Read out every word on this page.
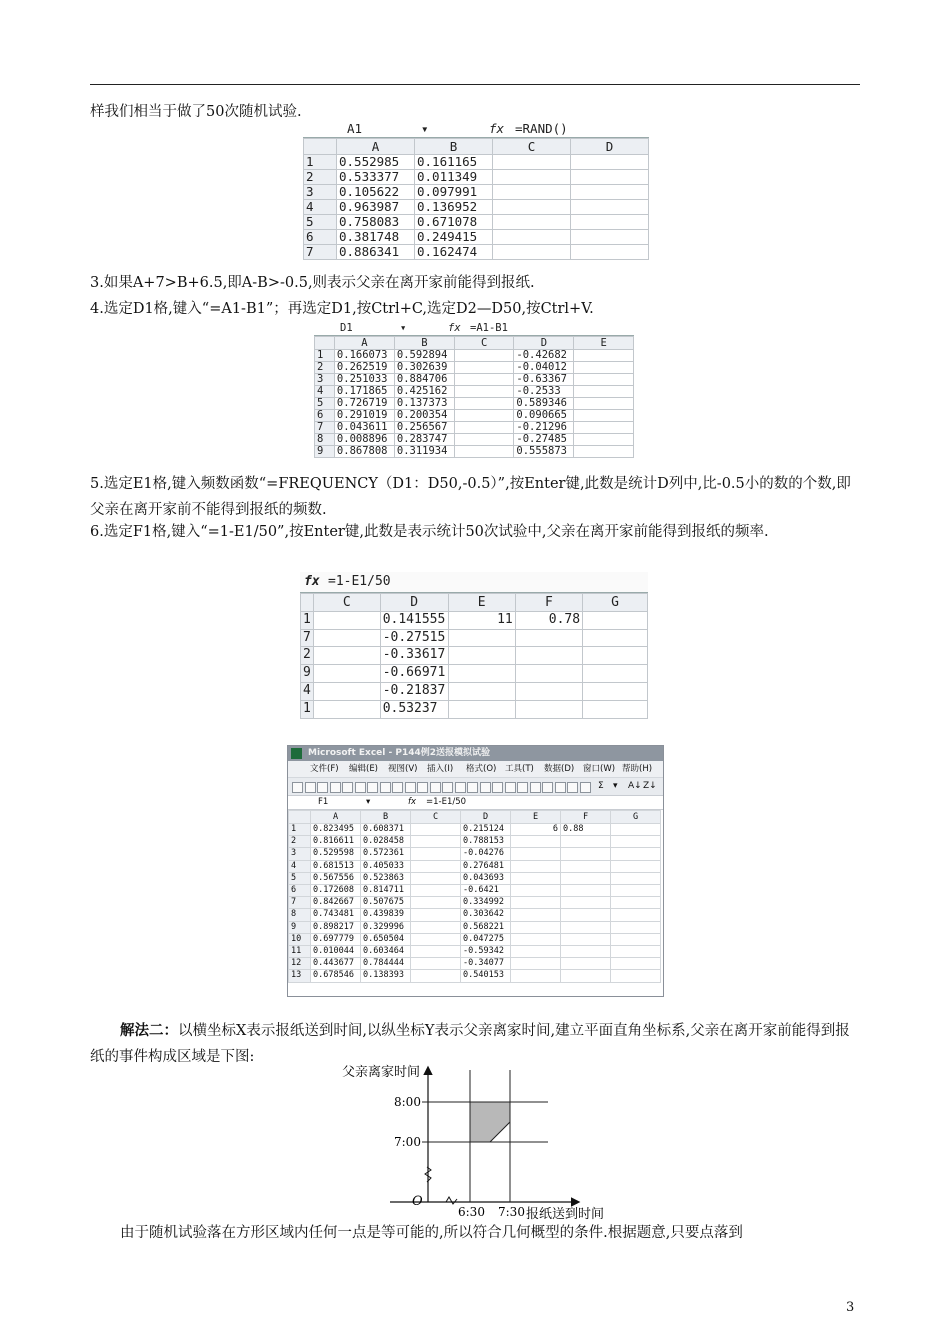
样我们相当于做了50次随机试验.

A1	▾	fx =RAND()
	A	B	C	D
1	0.552985	0.161165		
2	0.533377	0.011349		
3	0.105622	0.097991		
4	0.963987	0.136952		
5	0.758083	0.671078		
6	0.381748	0.249415		
7	0.886341	0.162474		

3.如果A+7>B+6.5,即A-B>-0.5,则表示父亲在离开家前能得到报纸.

4.选定D1格,键入“=A1-B1”；再选定D1,按Ctrl+C,选定D2—D50,按Ctrl+V.

D1	▾	fx =A1-B1
	A	B	C	D	E
1	0.166073	0.592894		-0.42682	
2	0.262519	0.302639		-0.04012	
3	0.251033	0.884706		-0.63367	
4	0.171865	0.425162		-0.2533	
5	0.726719	0.137373		0.589346	
6	0.291019	0.200354		0.090665	
7	0.043611	0.256567		-0.21296	
8	0.008896	0.283747		-0.27485	
9	0.867808	0.311934		0.555873	

5.选定E1格,键入频数函数“=FREQUENCY（D1：D50,-0.5）”,按Enter键,此数是统计D列中,比-0.5小的数的个数,即父亲在离开家前不能得到报纸的频数.

6.选定F1格,键入“=1-E1/50”,按Enter键,此数是表示统计50次试验中,父亲在离开家前能得到报纸的频率.

fx =1-E1/50
	C	D	E	F	G
1		0.141555	11	0.78	
7		-0.27515			
2		-0.33617			
9		-0.66971			
4		-0.21837			
1		0.53237			
Microsoft Excel - P144例2送报模拟试验
文件(F) 编辑(E) 视图(V) 插入(I) 格式(O) 工具(T) 数据(D) 窗口(W) 帮助(H)
Σ ▾ A↓ Z↓
F1	▾	fx =1-E1/50
	A	B	C	D	E	F	G
1	0.823495	0.608371		0.215124	6	0.88	
2	0.816611	0.028458		0.788153			
3	0.529598	0.572361		-0.04276			
4	0.681513	0.405033		0.276481			
5	0.567556	0.523863		0.043693			
6	0.172608	0.814711		-0.6421			
7	0.842667	0.507675		0.334992			
8	0.743481	0.439839		0.303642			
9	0.898217	0.329996		0.568221			
10	0.697779	0.650504		0.047275			
11	0.010044	0.603464		-0.59342			
12	0.443677	0.784444		-0.34077			
13	0.678546	0.138393		0.540153			

解法二：以横坐标X表示报纸送到时间,以纵坐标Y表示父亲离家时间,建立平面直角坐标系,父亲在离开家前能得到报纸的事件构成区域是下图:

父亲离家时间
O
8:00
7:00
6:30 7:30 报纸送到时间

由于随机试验落在方形区域内任何一点是等可能的,所以符合几何概型的条件.根据题意,只要点落到

3
